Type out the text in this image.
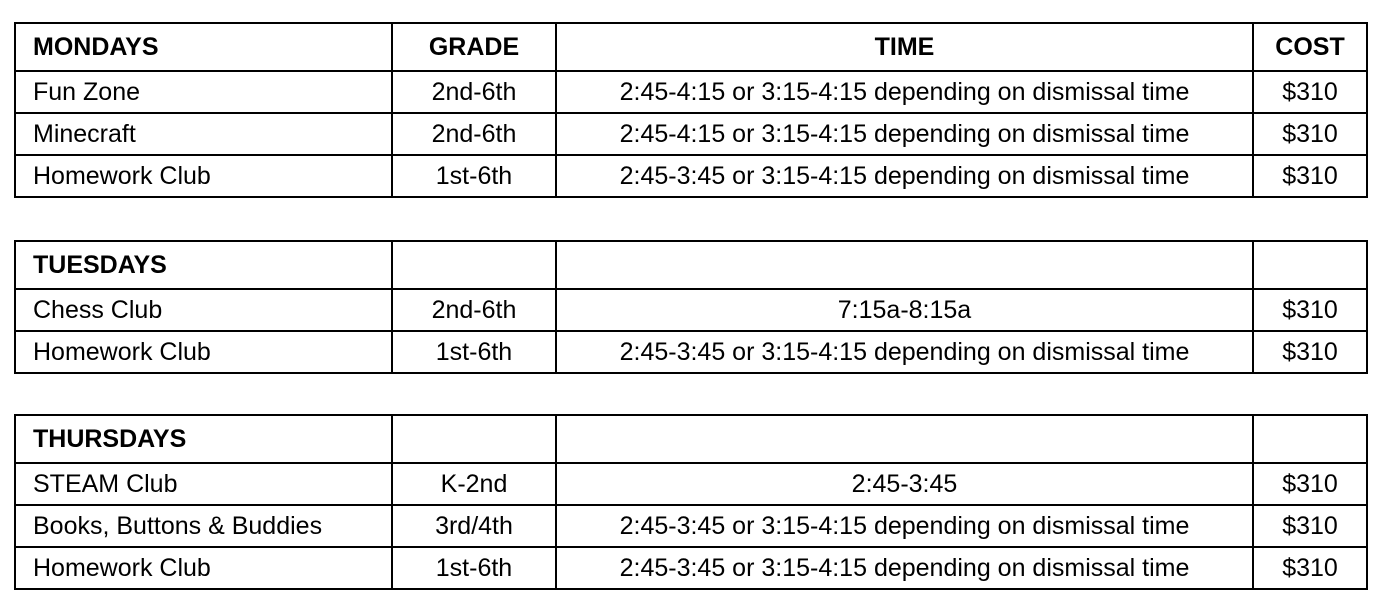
MONDAYS	GRADE	TIME	COST
Fun Zone	2nd-6th	2:45-4:15 or 3:15-4:15 depending on dismissal time	$310
Minecraft	2nd-6th	2:45-4:15 or 3:15-4:15 depending on dismissal time	$310
Homework Club	1st-6th	2:45-3:45 or 3:15-4:15 depending on dismissal time	$310
TUESDAYS			
Chess Club	2nd-6th	7:15a-8:15a	$310
Homework Club	1st-6th	2:45-3:45 or 3:15-4:15 depending on dismissal time	$310
THURSDAYS			
STEAM Club	K-2nd	2:45-3:45	$310
Books, Buttons & Buddies	3rd/4th	2:45-3:45 or 3:15-4:15 depending on dismissal time	$310
Homework Club	1st-6th	2:45-3:45 or 3:15-4:15 depending on dismissal time	$310
